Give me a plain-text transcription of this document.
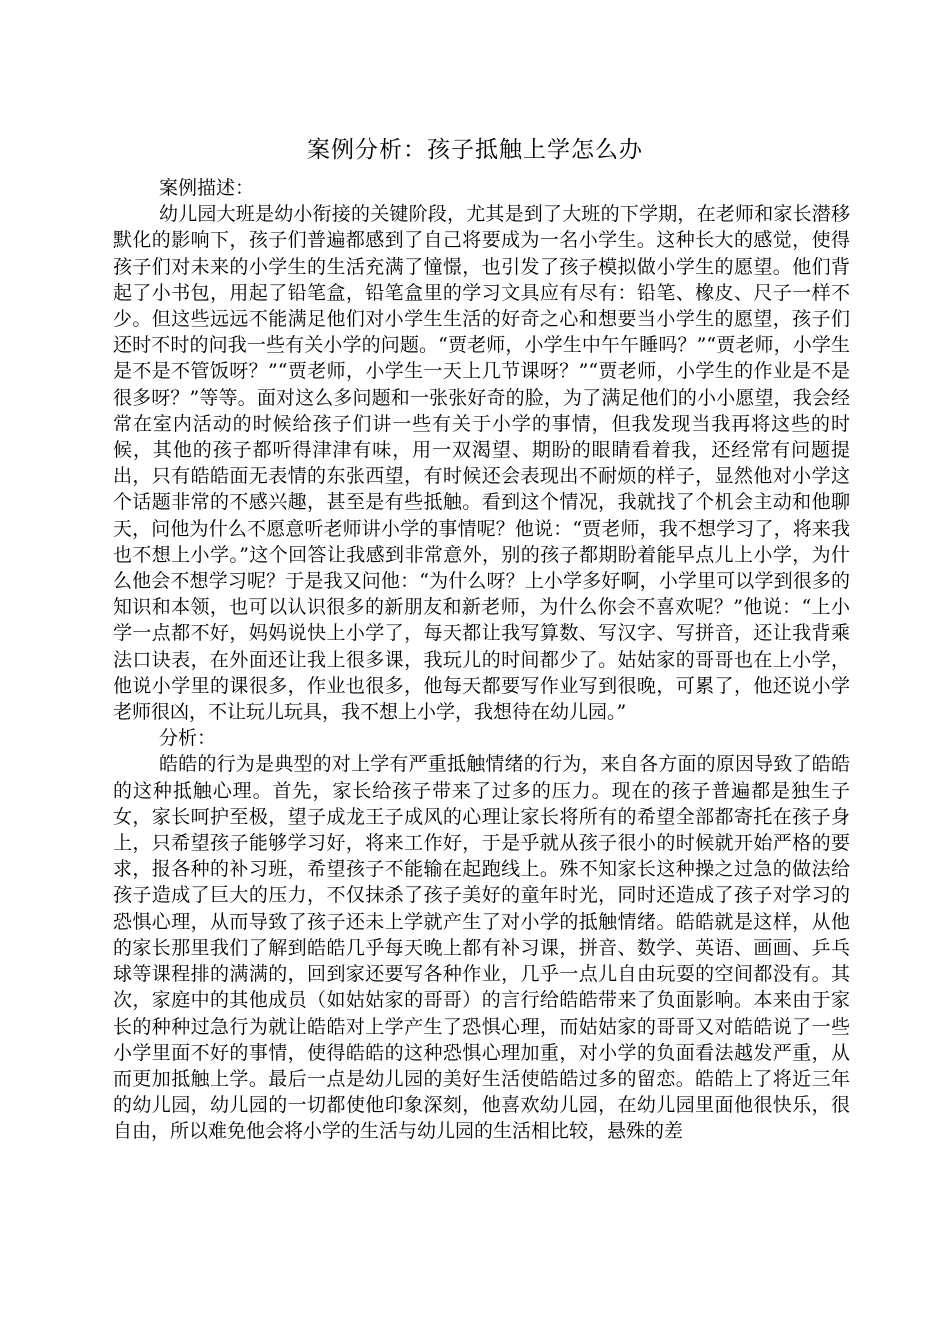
案例分析：孩子抵触上学怎么办

案例描述：

幼儿园大班是幼小衔接的关键阶段，尤其是到了大班的下学期，在老师和家长潜移默化的影响下，孩子们普遍都感到了自己将要成为一名小学生。这种长大的感觉，使得孩子们对未来的小学生的生活充满了憧憬，也引发了孩子模拟做小学生的愿望。他们背起了小书包，用起了铅笔盒，铅笔盒里的学习文具应有尽有：铅笔、橡皮、尺子一样不少。但这些远远不能满足他们对小学生生活的好奇之心和想要当小学生的愿望，孩子们还时不时的问我一些有关小学的问题。“贾老师，小学生中午午睡吗？”“贾老师，小学生是不是不管饭呀？”“贾老师，小学生一天上几节课呀？”“贾老师，小学生的作业是不是很多呀？”等等。面对这么多问题和一张张好奇的脸，为了满足他们的小小愿望，我会经常在室内活动的时候给孩子们讲一些有关于小学的事情，但我发现当我再将这些的时候，其他的孩子都听得津津有味，用一双渴望、期盼的眼睛看着我，还经常有问题提出，只有皓皓面无表情的东张西望，有时候还会表现出不耐烦的样子，显然他对小学这个话题非常的不感兴趣，甚至是有些抵触。看到这个情况，我就找了个机会主动和他聊天，问他为什么不愿意听老师讲小学的事情呢？他说：“贾老师，我不想学习了，将来我也不想上小学。”这个回答让我感到非常意外，别的孩子都期盼着能早点儿上小学，为什么他会不想学习呢？于是我又问他：“为什么呀？上小学多好啊，小学里可以学到很多的知识和本领，也可以认识很多的新朋友和新老师，为什么你会不喜欢呢？”他说：“上小学一点都不好，妈妈说快上小学了，每天都让我写算数、写汉字、写拼音，还让我背乘法口诀表，在外面还让我上很多课，我玩儿的时间都少了。姑姑家的哥哥也在上小学，他说小学里的课很多，作业也很多，他每天都要写作业写到很晚，可累了，他还说小学老师很凶，不让玩儿玩具，我不想上小学，我想待在幼儿园。”

分析：

皓皓的行为是典型的对上学有严重抵触情绪的行为，来自各方面的原因导致了皓皓的这种抵触心理。首先，家长给孩子带来了过多的压力。现在的孩子普遍都是独生子女，家长呵护至极，望子成龙王子成风的心理让家长将所有的希望全部都寄托在孩子身上，只希望孩子能够学习好，将来工作好，于是乎就从孩子很小的时候就开始严格的要求，报各种的补习班，希望孩子不能输在起跑线上。殊不知家长这种操之过急的做法给孩子造成了巨大的压力，不仅抹杀了孩子美好的童年时光，同时还造成了孩子对学习的恐惧心理，从而导致了孩子还未上学就产生了对小学的抵触情绪。皓皓就是这样，从他的家长那里我们了解到皓皓几乎每天晚上都有补习课，拼音、数学、英语、画画、乒乓球等课程排的满满的，回到家还要写各种作业，几乎一点儿自由玩耍的空间都没有。其次，家庭中的其他成员（如姑姑家的哥哥）的言行给皓皓带来了负面影响。本来由于家长的种种过急行为就让皓皓对上学产生了恐惧心理，而姑姑家的哥哥又对皓皓说了一些小学里面不好的事情，使得皓皓的这种恐惧心理加重，对小学的负面看法越发严重，从而更加抵触上学。最后一点是幼儿园的美好生活使皓皓过多的留恋。皓皓上了将近三年的幼儿园，幼儿园的一切都使他印象深刻，他喜欢幼儿园，在幼儿园里面他很快乐，很自由，所以难免他会将小学的生活与幼儿园的生活相比较，悬殊的差
